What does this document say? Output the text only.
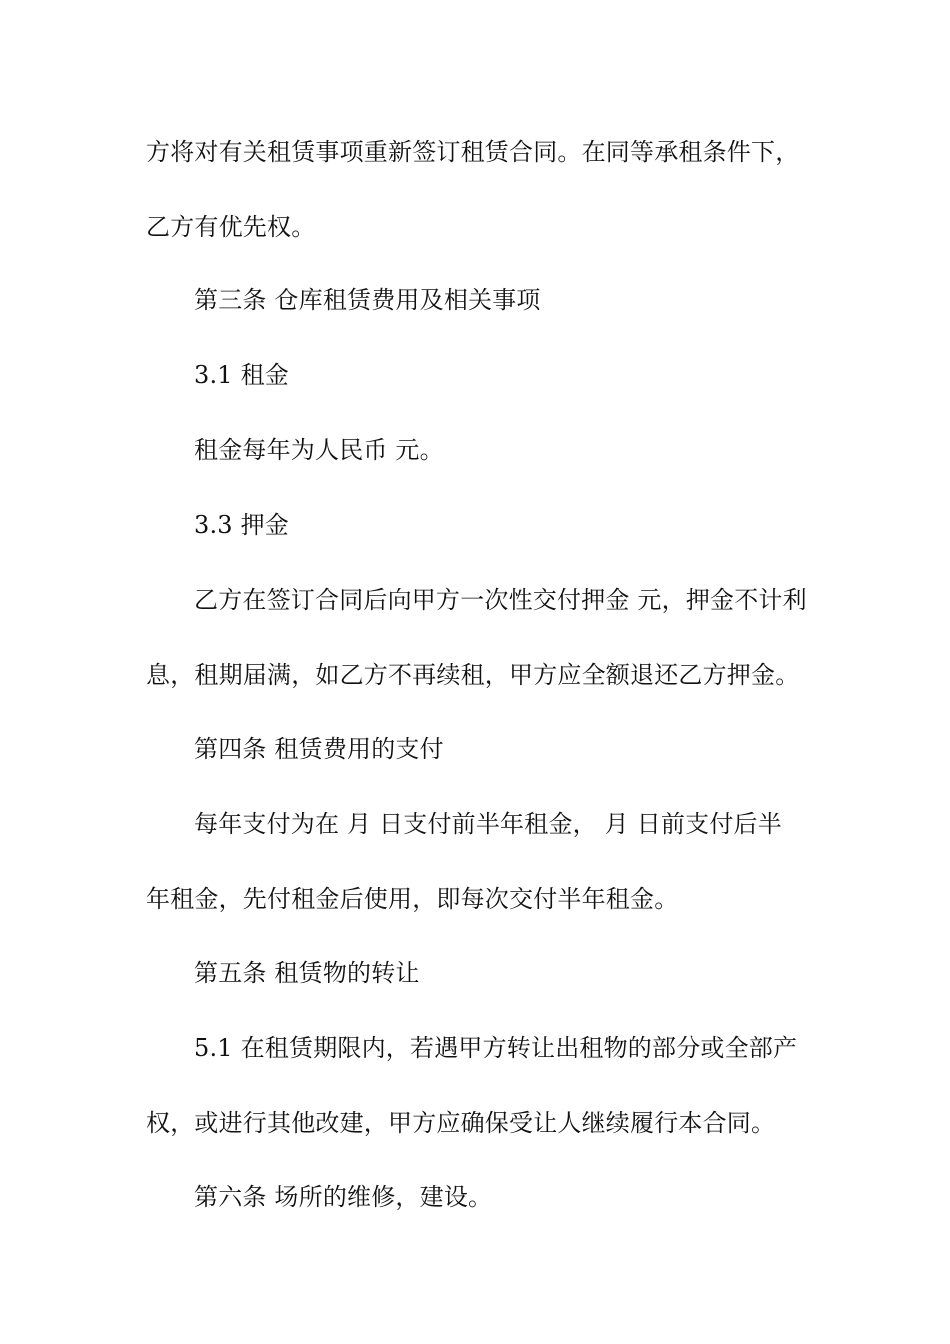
方将对有关租赁事项重新签订租赁合同。在同等承租条件下，
乙方有优先权。
第三条 仓库租赁费用及相关事项
3.1 租金
租金每年为人民币 元。
3.3 押金
乙方在签订合同后向甲方一次性交付押金 元，押金不计利
息，租期届满，如乙方不再续租，甲方应全额退还乙方押金。
第四条 租赁费用的支付
每年支付为在 月 日支付前半年租金， 月 日前支付后半
年租金，先付租金后使用，即每次交付半年租金。
第五条 租赁物的转让
5.1 在租赁期限内，若遇甲方转让出租物的部分或全部产
权，或进行其他改建，甲方应确保受让人继续履行本合同。
第六条 场所的维修，建设。
